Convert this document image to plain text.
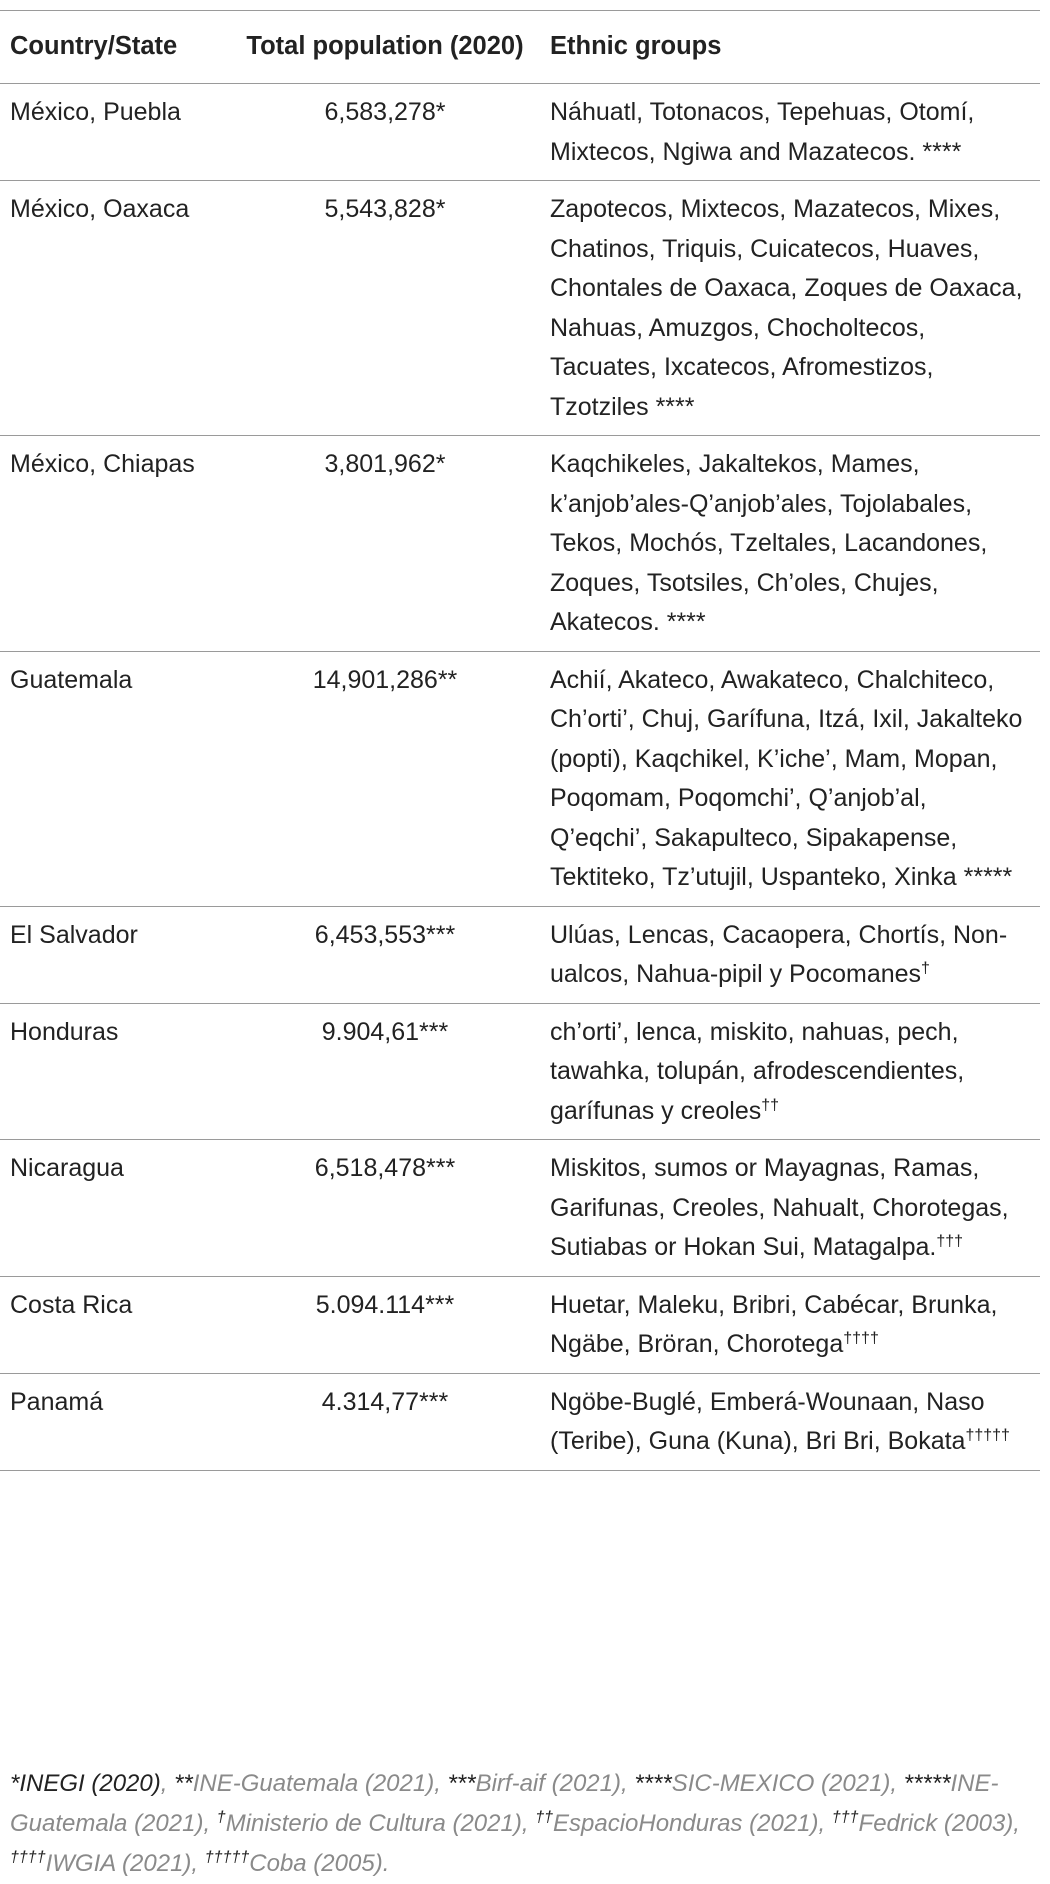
Country/State	Total population (2020)	Ethnic groups
México, Puebla	6,583,278*	Náhuatl, Totonacos, Tepehuas, Otomí, Mixtecos, Ngiwa and Mazatecos. ****
México, Oaxaca	5,543,828*	Zapotecos, Mixtecos, Mazatecos, Mixes, Chatinos, Triquis, Cuicatecos, Huaves, Chontales de Oaxaca, Zoques de Oaxaca, Nahuas, Amuzgos, Chocholtecos, Tacuates, Ixcatecos, Afromestizos, Tzotziles ****
México, Chiapas	3,801,962*	Kaqchikeles, Jakaltekos, Mames, k’anjob’ales-Q’anjob’ales, Tojolabales, Tekos, Mochós, Tzeltales, Lacandones, Zoques, Tsotsiles, Ch’oles, Chujes, Akatecos. ****
Guatemala	14,901,286**	Achií, Akateco, Awakateco, Chalchiteco, Ch’orti’, Chuj, Garífuna, Itzá, Ixil, Jakalteko (popti), Kaqchikel, K’iche’, Mam, Mopan, Poqomam, Poqomchi’, Q’anjob’al, Q’eqchi’, Sakapulteco, Sipakapense, Tektiteko, Tz’utujil, Uspanteko, Xinka *****
El Salvador	6,453,553***	Ulúas, Lencas, Cacaopera, Chortís, Non-ualcos, Nahua-pipil y Pocomanes†
Honduras	9.904,61***	ch’orti’, lenca, miskito, nahuas, pech, tawahka, tolupán, afrodescendientes, garífunas y creoles††
Nicaragua	6,518,478***	Miskitos, sumos or Mayagnas, Ramas, Garifunas, Creoles, Nahualt, Chorotegas, Sutiabas or Hokan Sui, Matagalpa.†††
Costa Rica	5.094.114***	Huetar, Maleku, Bribri, Cabécar, Brunka, Ngäbe, Bröran, Chorotega††††
Panamá	4.314,77***	Ngöbe-Buglé, Emberá-Wounaan, Naso (Teribe), Guna (Kuna), Bri Bri, Bokata†††††
*INEGI (2020), **INE-Guatemala (2021), ***Birf-aif (2021), ****SIC-MEXICO (2021), *****INE-Guatemala (2021), †Ministerio de Cultura (2021), ††EspacioHonduras (2021), †††Fedrick (2003), ††††IWGIA (2021), †††††Coba (2005).
